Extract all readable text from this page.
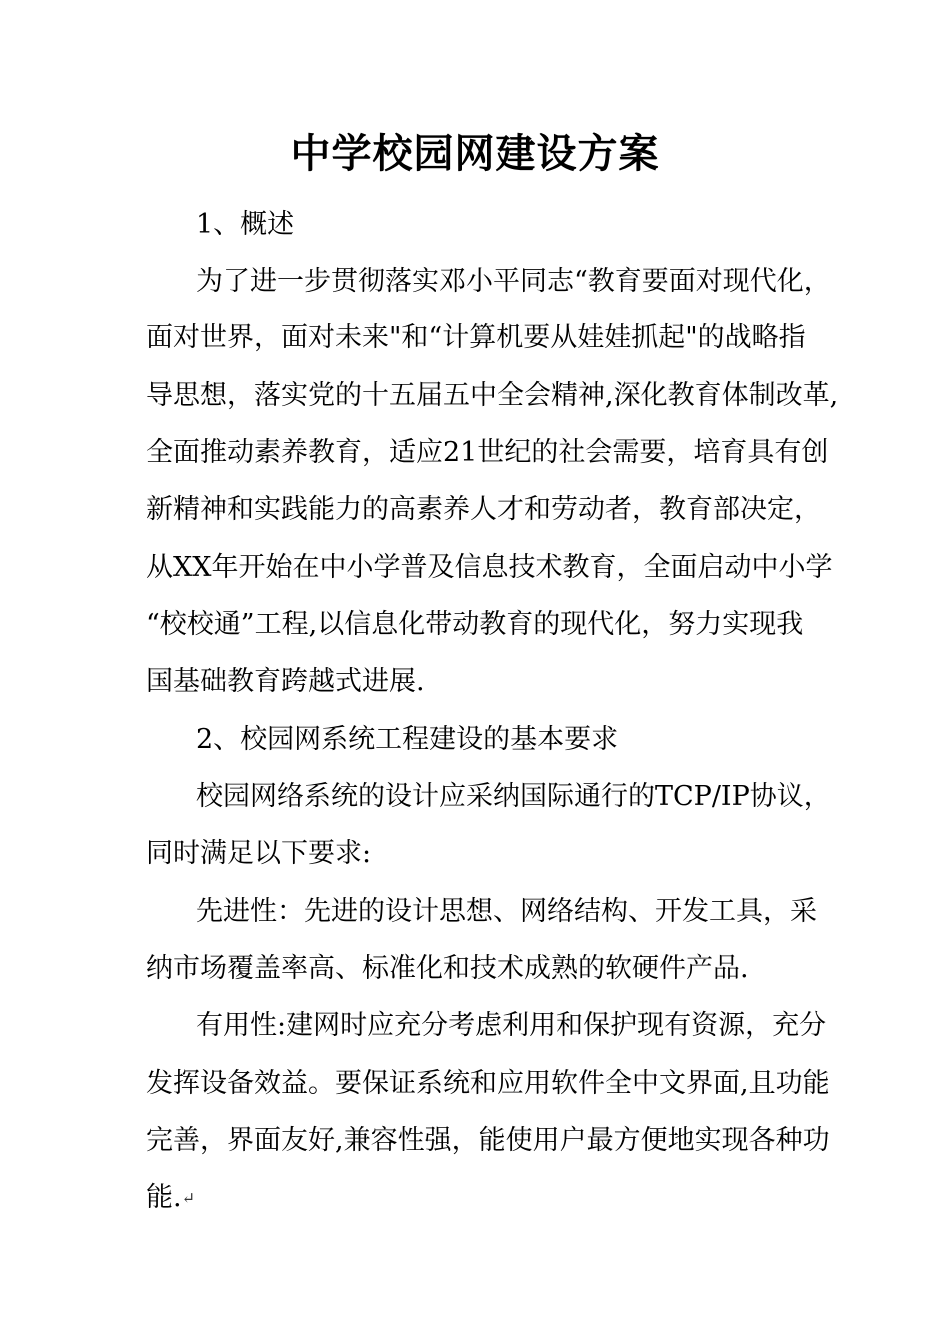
中学校园网建设方案
1、概述
为了进一步贯彻落实邓小平同志“教育要面对现代化，
面对世界，面对未来"和“计算机要从娃娃抓起"的战略指
导思想，落实党的十五届五中全会精神,深化教育体制改革,
全面推动素养教育，适应21世纪的社会需要，培育具有创
新精神和实践能力的高素养人才和劳动者，教育部决定，
从XX年开始在中小学普及信息技术教育，全面启动中小学
“校校通”工程,以信息化带动教育的现代化，努力实现我
国基础教育跨越式进展.
2、校园网系统工程建设的基本要求
校园网络系统的设计应采纳国际通行的TCP/IP协议，
同时满足以下要求:
先进性：先进的设计思想、网络结构、开发工具，采
纳市场覆盖率高、标准化和技术成熟的软硬件产品.
有用性:建网时应充分考虑利用和保护现有资源，充分
发挥设备效益。要保证系统和应用软件全中文界面,且功能
完善，界面友好,兼容性强，能使用户最方便地实现各种功
能.↵
